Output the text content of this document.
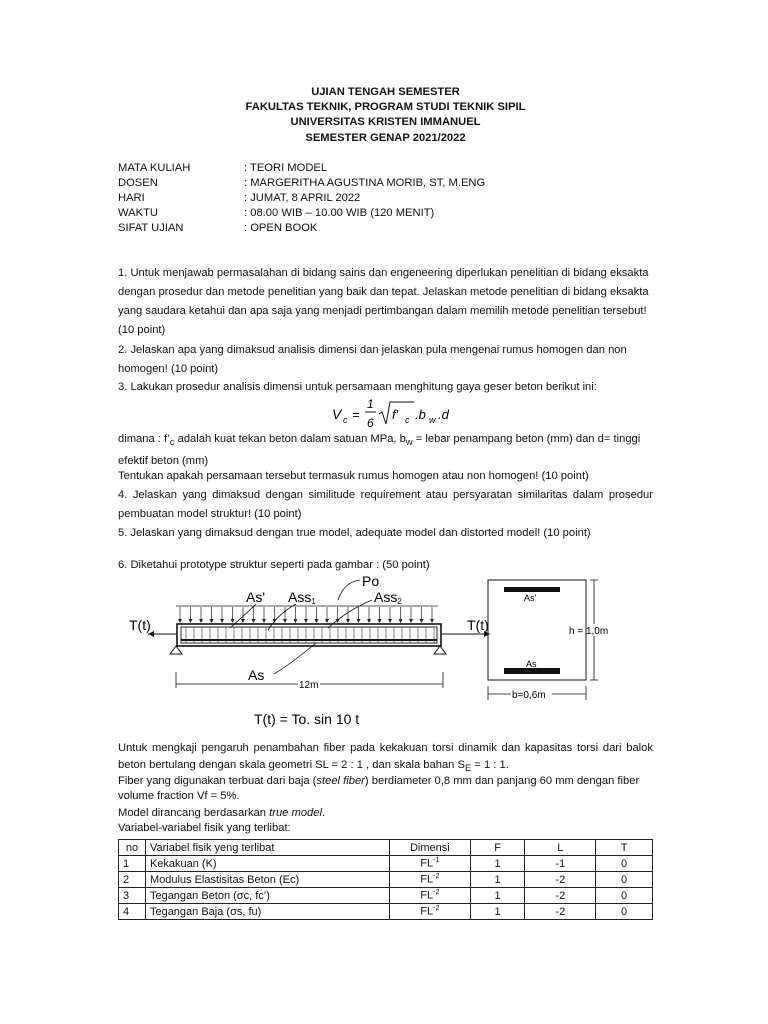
UJIAN TENGAH SEMESTER
FAKULTAS TEKNIK, PROGRAM STUDI TEKNIK SIPIL
UNIVERSITAS KRISTEN IMMANUEL
SEMESTER GENAP 2021/2022
MATA KULIAH	: TEORI MODEL
DOSEN	: MARGERITHA AGUSTINA MORIB, ST, M.ENG
HARI	: JUMAT, 8 APRIL 2022
WAKTU	: 08.00 WIB – 10.00 WIB (120 MENIT)
SIFAT UJIAN	: OPEN BOOK
1. Untuk menjawab permasalahan di bidang sains dan engeneering diperlukan penelitian di bidang eksakta dengan prosedur dan metode penelitian yang baik dan tepat. Jelaskan metode penelitian di bidang eksakta yang saudara ketahui dan apa saja yang menjadi pertimbangan dalam memilih metode penelitian tersebut! (10 point)
2. Jelaskan apa yang dimaksud analisis dimensi dan jelaskan pula mengenai rumus homogen dan non homogen! (10 point)
3. Lakukan prosedur analisis dimensi untuk persamaan menghitung gaya geser beton berikut ini:
V c =
1
6
f′ c .b w .d
dimana : $f’_c$ adalah kuat tekan beton dalam satuan MPa, $b_w$ = lebar penampang beton (mm) dan d= tinggi efektif beton (mm)
Tentukan apakah persamaan tersebut termasuk rumus homogen atau non homogen! (10 point)
4. Jelaskan yang dimaksud dengan similitude requirement atau persyaratan similaritas dalam prosedur pembuatan model struktur! (10 point)
5. Jelaskan yang dimaksud dengan true model, adequate model dan distorted model! (10 point)
6. Diketahui prototype struktur seperti pada gambar : (50 point)
T(t)	T(t)
Po
As' Ass1	Ass2
As
12m
T(t) = To. sin 10 t
As'
As
h = 1,0m
b=0,6m
Untuk mengkaji pengaruh penambahan fiber pada kekakuan torsi dinamik dan kapasitas torsi dari balok beton bertulang dengan skala geometri SL = 2 : 1 , dan skala bahan $S_E = 1$ : 1.
Fiber yang digunakan terbuat dari baja (steel fiber) berdiameter 0,8 mm dan panjang 60 mm dengan fiber volume fraction Vf = 5%.
Model dirancang berdasarkan true model.
Variabel-variabel fisik yang terlibat:
no	Variabel fisik yeng terlibat	Dimensi	F	L	T
1	Kekakuan (K)	$FL^{-1}$	1	-1	0
2	Modulus Elastisitas Beton (Ec)	$FL^{-2}$	1	-2	0
3	Tegangan Beton (σc, fc’)	$FL^{-2}$	1	-2	0
4	Tegangan Baja (σs, fu)	$FL^{-2}$	1	-2	0
